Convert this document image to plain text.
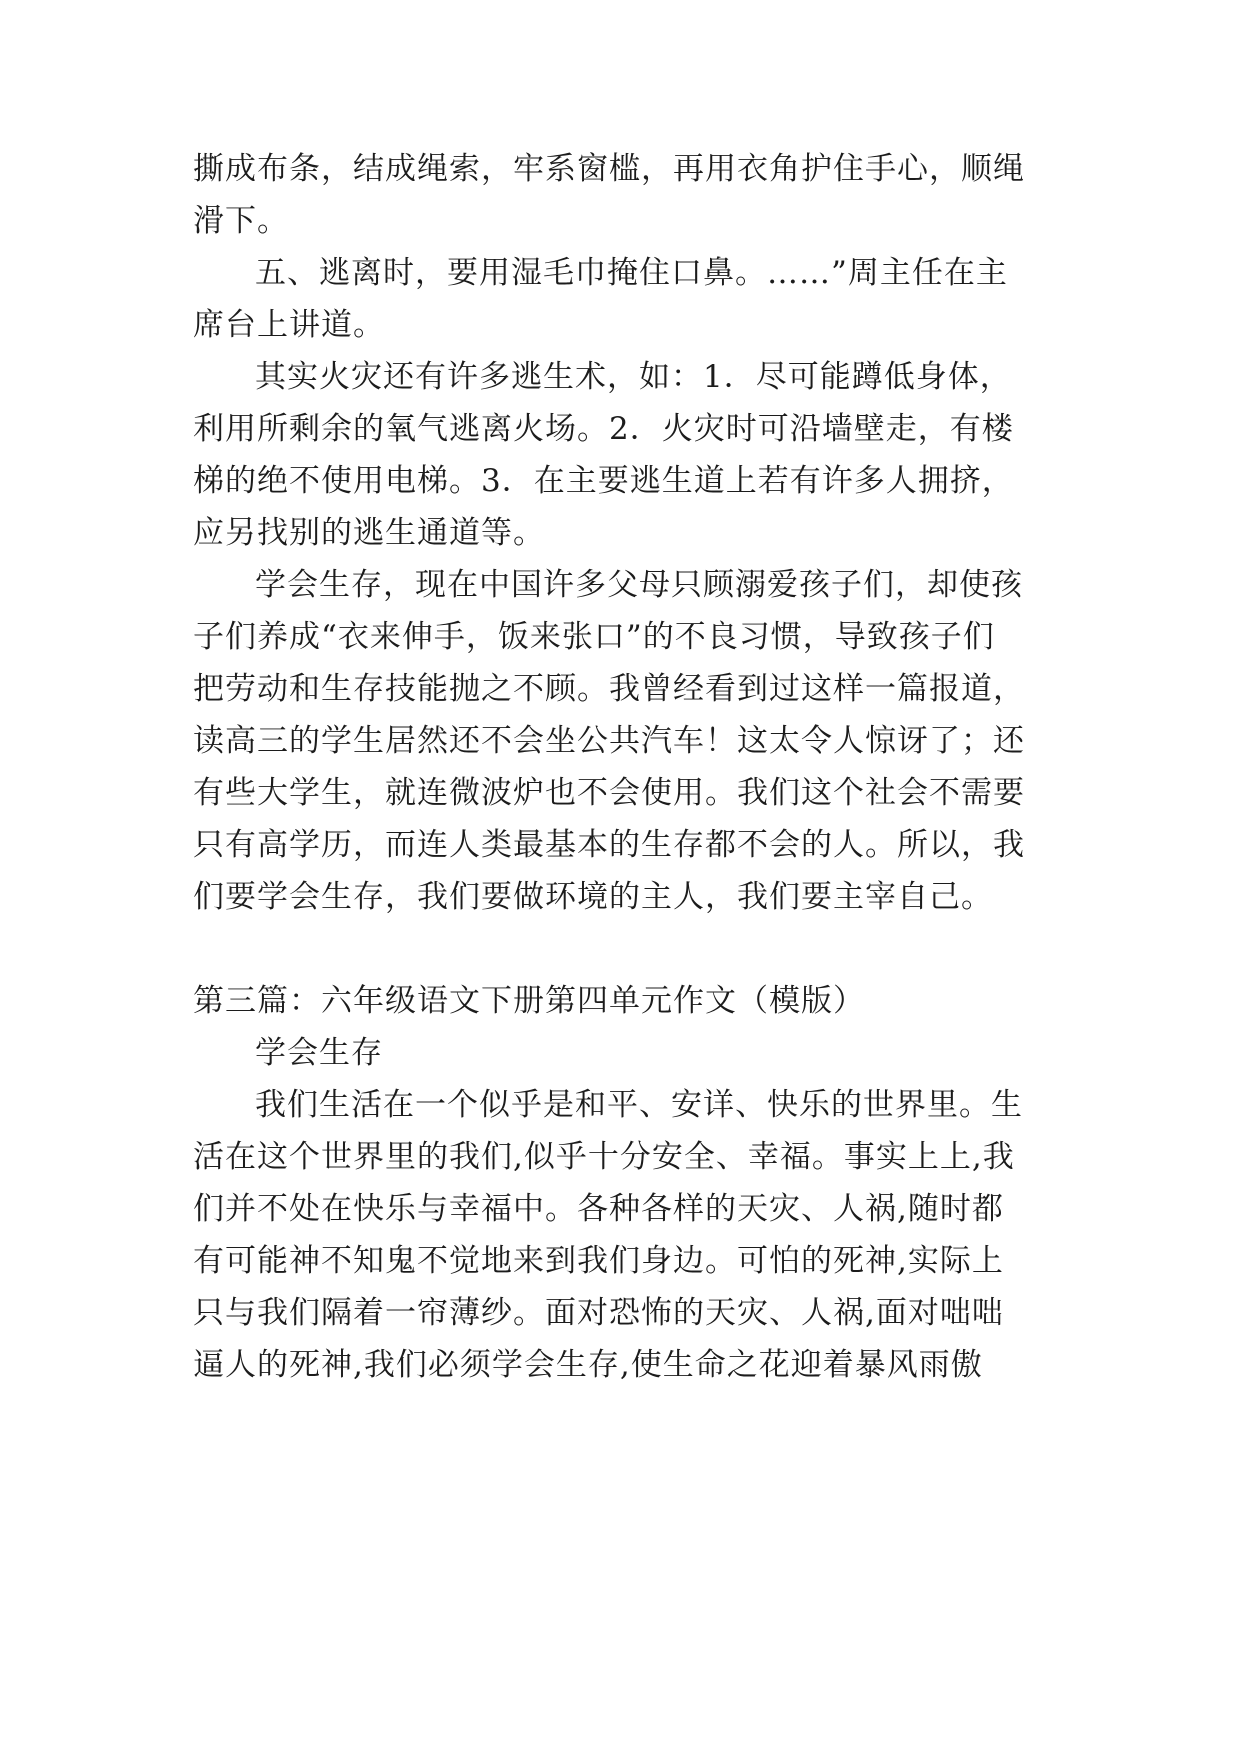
撕成布条，结成绳索，牢系窗槛，再用衣角护住手心，顺绳
滑下。
五、逃离时，要用湿毛巾掩住口鼻。……”周主任在主
席台上讲道。
其实火灾还有许多逃生术，如：1．尽可能蹲低身体，
利用所剩余的氧气逃离火场。2．火灾时可沿墙壁走，有楼
梯的绝不使用电梯。3．在主要逃生道上若有许多人拥挤，
应另找别的逃生通道等。
学会生存，现在中国许多父母只顾溺爱孩子们，却使孩
子们养成“衣来伸手，饭来张口”的不良习惯，导致孩子们
把劳动和生存技能抛之不顾。我曾经看到过这样一篇报道，
读高三的学生居然还不会坐公共汽车！这太令人惊讶了；还
有些大学生，就连微波炉也不会使用。我们这个社会不需要
只有高学历，而连人类最基本的生存都不会的人。所以，我
们要学会生存，我们要做环境的主人，我们要主宰自己。
第三篇：六年级语文下册第四单元作文（模版）
学会生存
我们生活在一个似乎是和平、安详、快乐的世界里。生
活在这个世界里的我们,似乎十分安全、幸福。事实上上,我
们并不处在快乐与幸福中。各种各样的天灾、人祸,随时都
有可能神不知鬼不觉地来到我们身边。可怕的死神,实际上
只与我们隔着一帘薄纱。面对恐怖的天灾、人祸,面对咄咄
逼人的死神,我们必须学会生存,使生命之花迎着暴风雨傲
